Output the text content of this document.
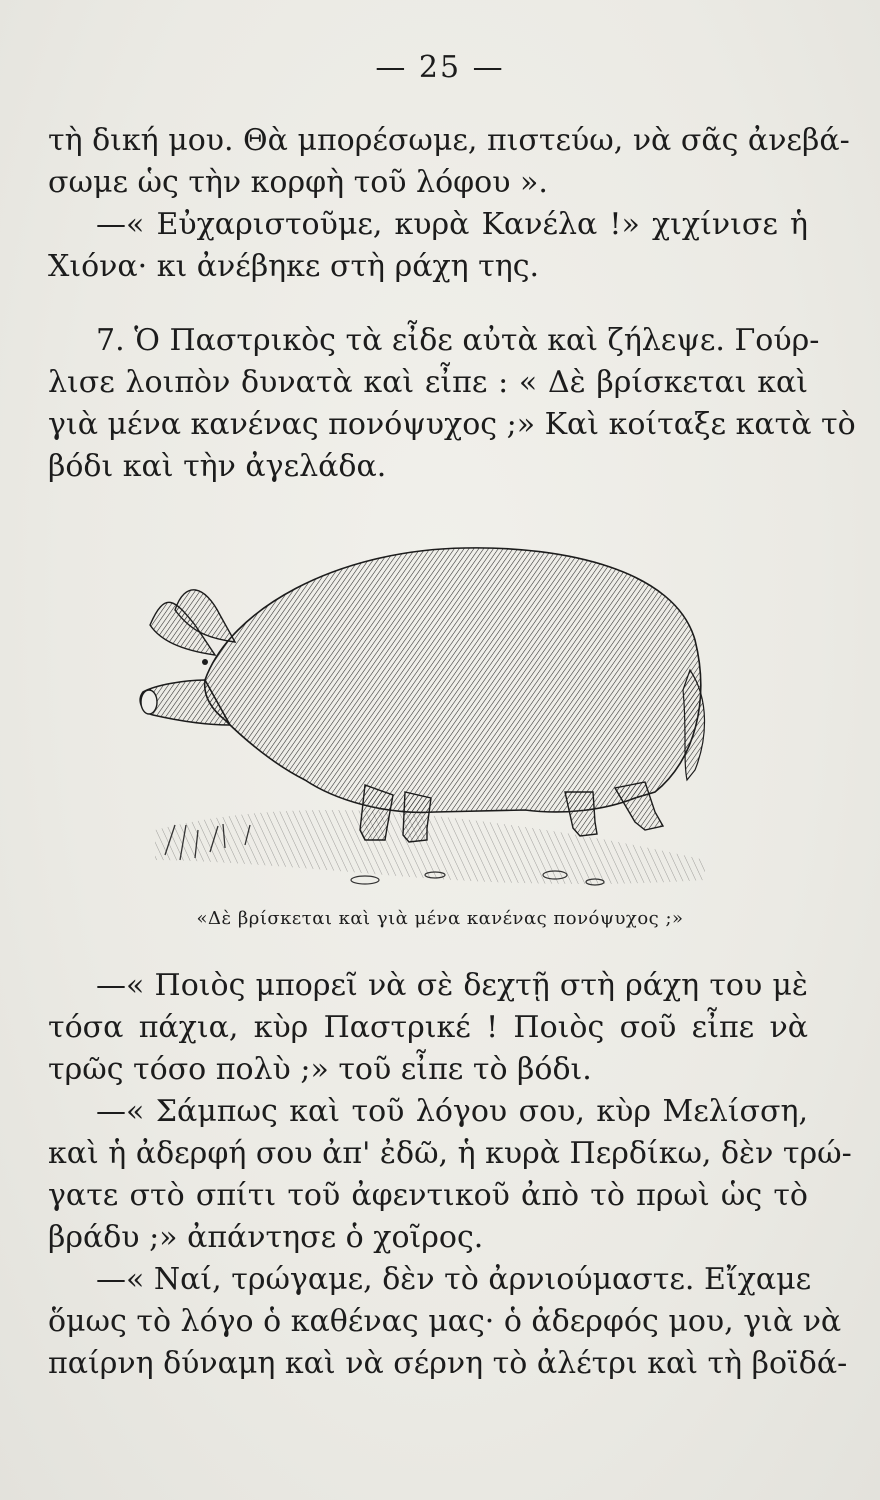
— 25 —
τὴ δική μου. Θὰ μπορέσωμε, πιστεύω, νὰ σᾶς ἀνεβά-
σωμε ὡς τὴν κορφὴ τοῦ λόφου ».
—« Εὐχαριστοῦμε, κυρὰ Κανέλα !» χιχίνισε ἡ
Χιόνα· κι ἀνέβηκε στὴ ράχη της.
7. Ὁ Παστρικὸς τὰ εἶδε αὐτὰ καὶ ζήλεψε. Γούρ-
λισε λοιπὸν δυνατὰ καὶ εἶπε : « Δὲ βρίσκεται καὶ
γιὰ μένα κανένας πονόψυχος ;» Καὶ κοίταξε κατὰ τὸ
βόδι καὶ τὴν ἀγελάδα.
«Δὲ βρίσκεται καὶ γιὰ μένα κανένας πονόψυχος ;»
—« Ποιὸς μπορεῖ νὰ σὲ δεχτῇ στὴ ράχη του μὲ
τόσα πάχια, κὺρ Παστρικέ ! Ποιὸς σοῦ εἶπε νὰ
τρῶς τόσο πολὺ ;» τοῦ εἶπε τὸ βόδι.
—« Σάμπως καὶ τοῦ λόγου σου, κὺρ Μελίσση,
καὶ ἡ ἀδερφή σου ἀπ' ἐδῶ, ἡ κυρὰ Περδίκω, δὲν τρώ-
γατε στὸ σπίτι τοῦ ἀφεντικοῦ ἀπὸ τὸ πρωὶ ὡς τὸ
βράδυ ;» ἀπάντησε ὁ χοῖρος.
—« Ναί, τρώγαμε, δὲν τὸ ἀρνιούμαστε. Εἴχαμε
ὅμως τὸ λόγο ὁ καθένας μας· ὁ ἀδερφός μου, γιὰ νὰ
παίρνη δύναμη καὶ νὰ σέρνη τὸ ἀλέτρι καὶ τὴ βοϊδά-
